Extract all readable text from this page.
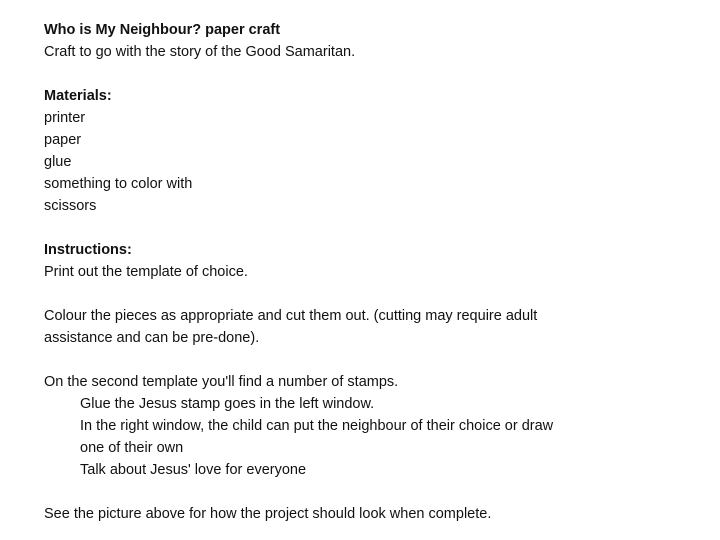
Who is My Neighbour? paper craft
Craft to go with the story of the Good Samaritan.
Materials:
printer
paper
glue
something to color with
scissors
Instructions:
Print out the template of choice.
Colour the pieces as appropriate and cut them out. (cutting may require adult
assistance and can be pre-done).
On the second template you'll find a number of stamps.
Glue the Jesus stamp goes in the left window.
In the right window, the child can put the neighbour of their choice or draw
one of their own
Talk about Jesus' love for everyone
See the picture above for how the project should look when complete.
